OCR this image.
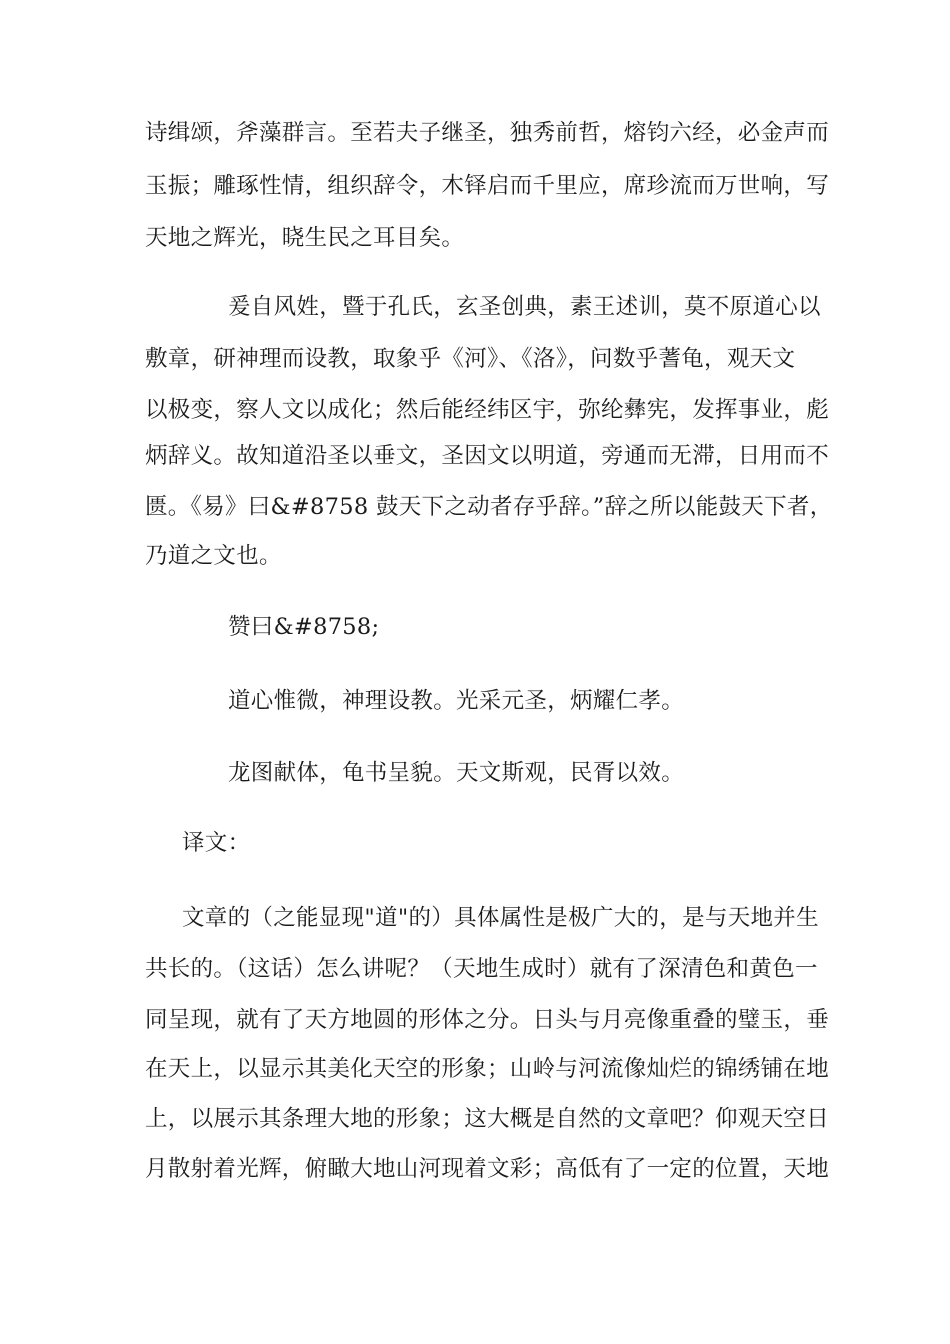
诗缉颂，斧藻群言。至若夫子继圣，独秀前哲，熔钧六经，必金声而
玉振；雕琢性情，组织辞令，木铎启而千里应，席珍流而万世响，写
天地之辉光，晓生民之耳目矣。
爰自风姓，暨于孔氏，玄圣创典，素王述训，莫不原道心以
敷章，研神理而设教，取象乎《河》、《洛》，问数乎蓍龟，观天文
以极变，察人文以成化；然后能经纬区宇，弥纶彝宪，发挥事业，彪
炳辞义。故知道沿圣以垂文，圣因文以明道，旁通而无滞，日用而不
匮。《易》曰&#8758 鼓天下之动者存乎辞。”辞之所以能鼓天下者，
乃道之文也。
赞曰&#8758;
道心惟微，神理设教。光采元圣，炳耀仁孝。
龙图献体，龟书呈貌。天文斯观，民胥以效。
译文：
文章的（之能显现"道"的）具体属性是极广大的，是与天地并生
共长的。（这话）怎么讲呢？（天地生成时）就有了深清色和黄色一
同呈现，就有了天方地圆的形体之分。日头与月亮像重叠的璧玉，垂
在天上，以显示其美化天空的形象；山岭与河流像灿烂的锦绣铺在地
上，以展示其条理大地的形象；这大概是自然的文章吧？仰观天空日
月散射着光辉，俯瞰大地山河现着文彩；高低有了一定的位置，天地
